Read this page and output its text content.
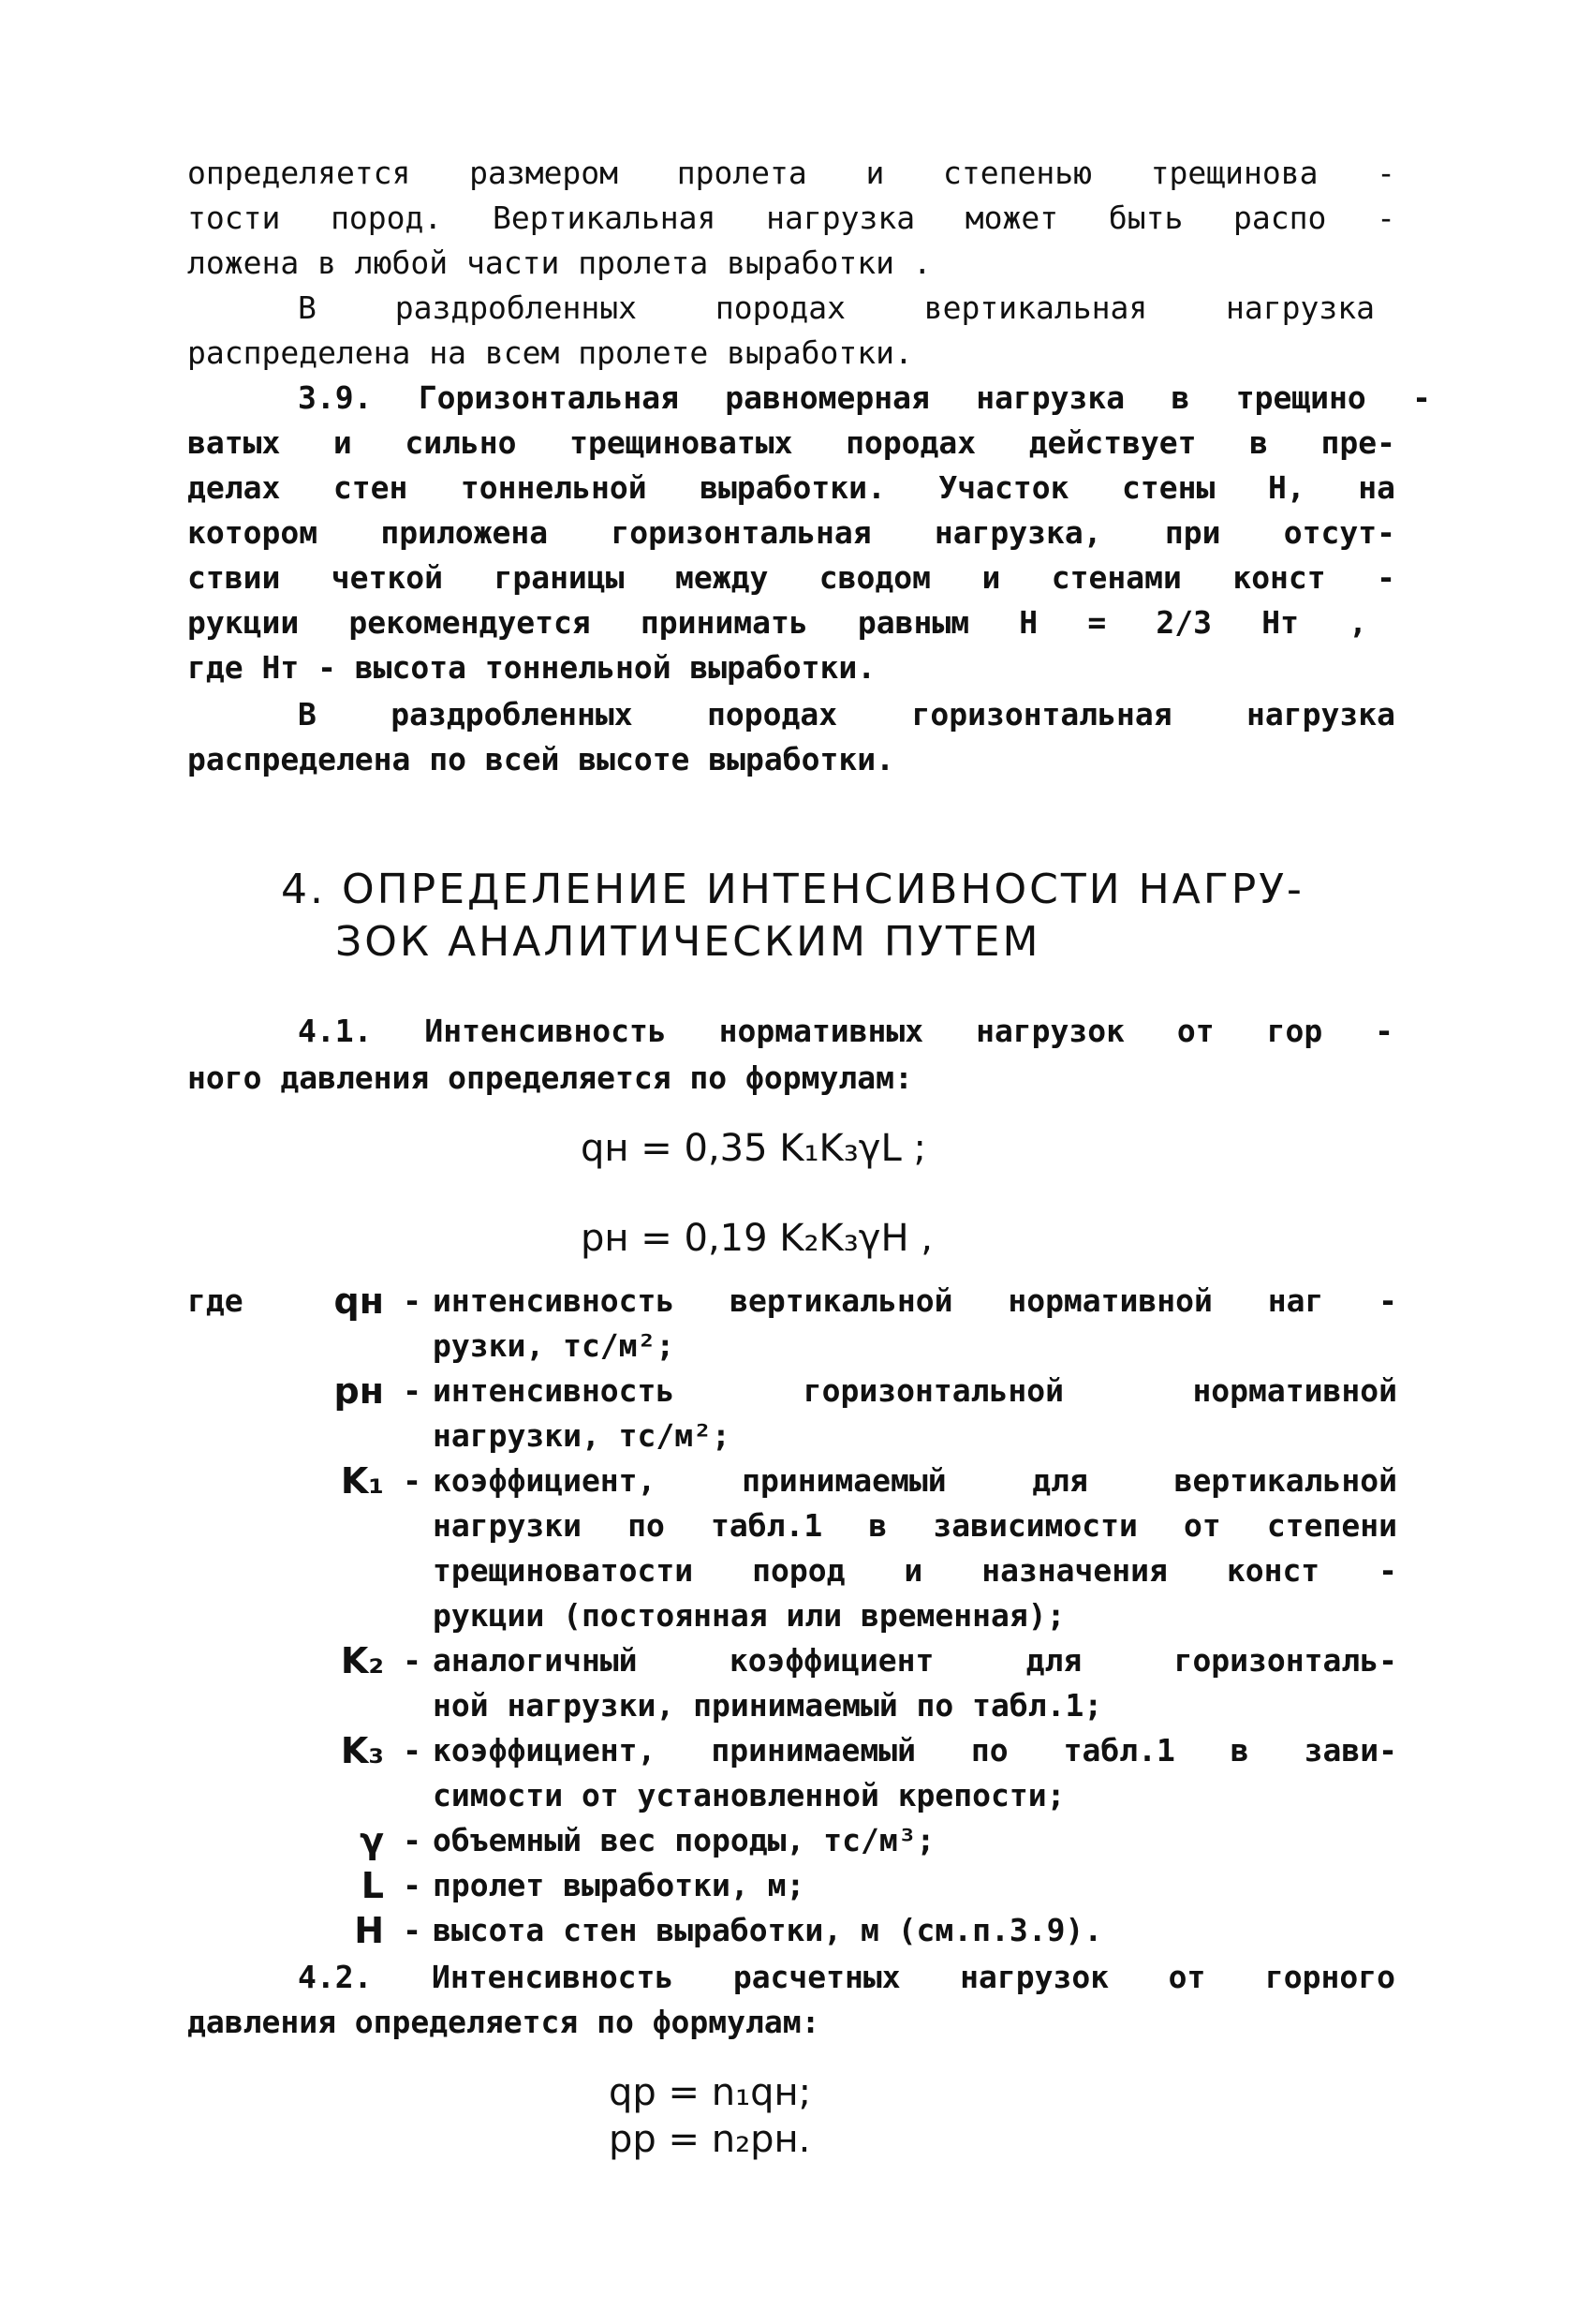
определяется размером пролета и степенью трещинова -
тости пород. Вертикальная нагрузка может быть распо -
ложена в любой части пролета выработки .
В раздробленных породах вертикальная нагрузка
распределена на всем пролете выработки.
3.9. Горизонтальная равномерная нагрузка в трещино -
ватых и сильно трещиноватых породах действует в пре-
делах стен тоннельной выработки. Участок стены Н, на
котором приложена горизонтальная нагрузка, при отсут-
ствии четкой границы между сводом и стенами конст -
рукции рекомендуется принимать равным Н = 2/3 Hт ,
где Нт - высота тоннельной выработки.
В раздробленных породах горизонтальная нагрузка
распределена по всей высоте выработки.
4. ОПРЕДЕЛЕНИЕ ИНТЕНСИВНОСТИ НАГРУ-
ЗОК АНАЛИТИЧЕСКИМ ПУТЕМ
4.1. Интенсивность нормативных нагрузок от гор -
ного давления определяется по формулам:
qн = 0,35 K₁K₃γL ;
pн = 0,19 K₂K₃γH ,
где	qн - интенсивность вертикальной нормативной наг -
рузки, тс/м²;
pн - интенсивность горизонтальной нормативной
нагрузки, тс/м²;
K₁ - коэффициент, принимаемый для вертикальной
нагрузки по табл.1 в зависимости от степени
трещиноватости пород и назначения конст -
рукции (постоянная или временная);
K₂ - аналогичный коэффициент для горизонталь-
ной нагрузки, принимаемый по табл.1;
K₃ - коэффициент, принимаемый по табл.1 в зави-
симости от установленной крепости;
γ - объемный вес породы, тс/м³;
L - пролет выработки, м;
H - высота стен выработки, м (см.п.3.9).
4.2. Интенсивность расчетных нагрузок от горного
давления определяется по формулам:
qр = n₁qн;
pр = n₂pн.
